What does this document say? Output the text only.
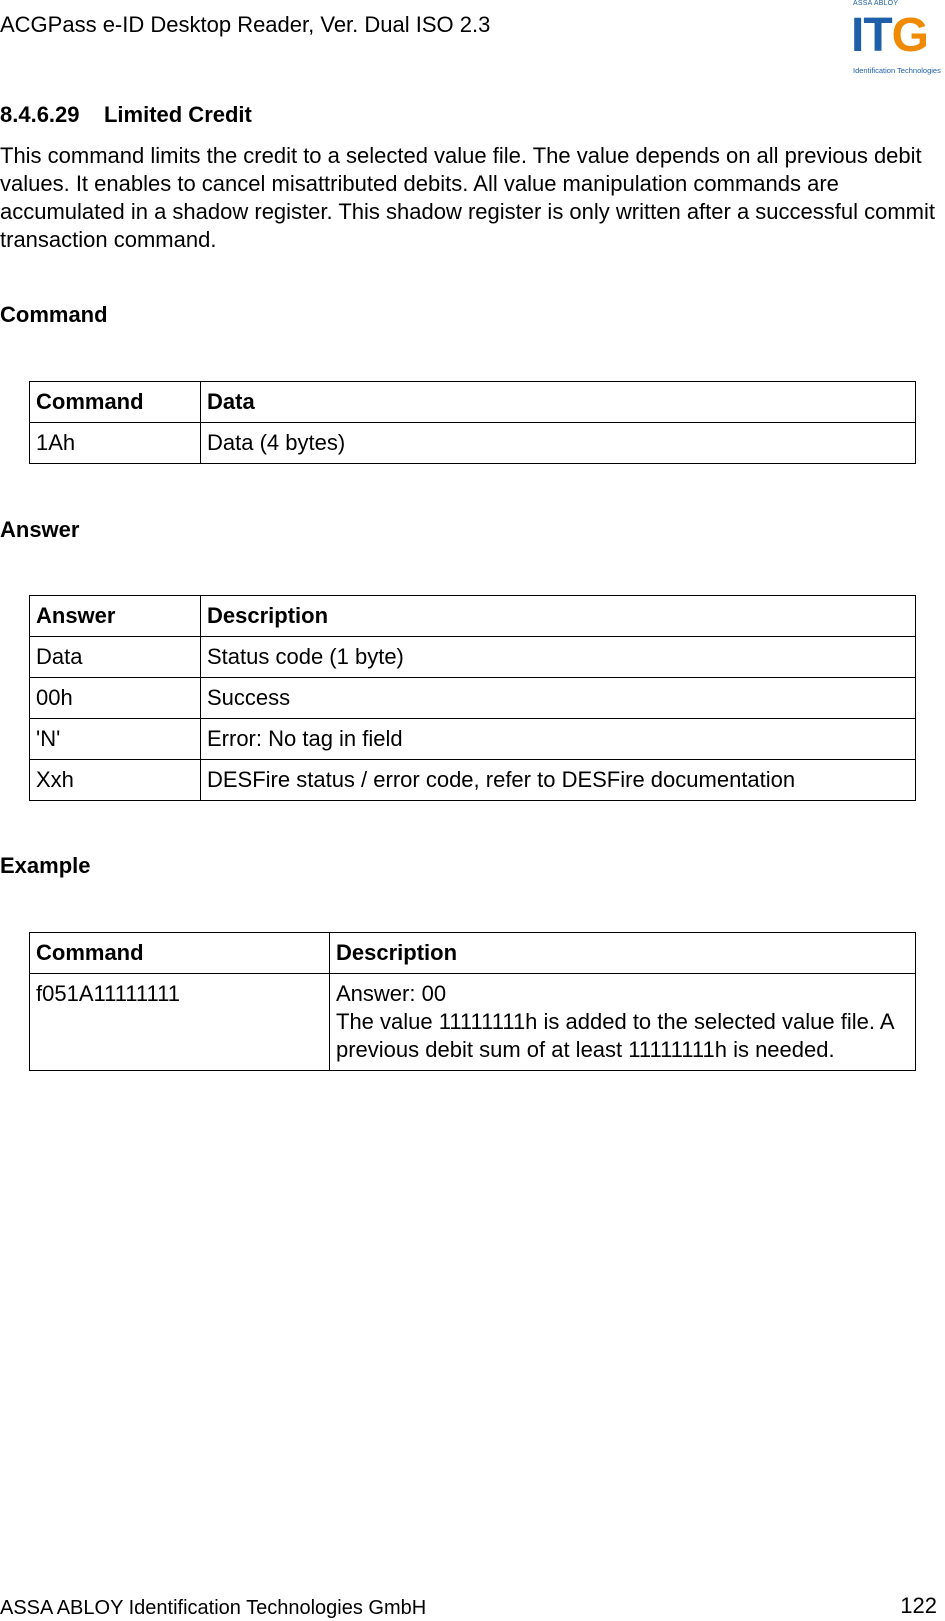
ACGPass e-ID Desktop Reader, Ver. Dual ISO 2.3
ASSA ABLOY
ITG
Identification Technologies
8.4.6.29 Limited Credit

This command limits the credit to a selected value file. The value depends on all previous debit values. It enables to cancel misattributed debits. All value manipulation commands are accumulated in a shadow register. This shadow register is only written after a successful commit transaction command.

Command
Command	Data
1Ah	Data (4 bytes)
Answer
Answer	Description
Data	Status code (1 byte)
00h	Success
'N'	Error: No tag in field
Xxh	DESFire status / error code, refer to DESFire documentation
Example
Command	Description
f051A11111111	Answer: 00
The value 11111111h is added to the selected value file. A previous debit sum of at least 11111111h is needed.
ASSA ABLOY Identification Technologies GmbH	122
